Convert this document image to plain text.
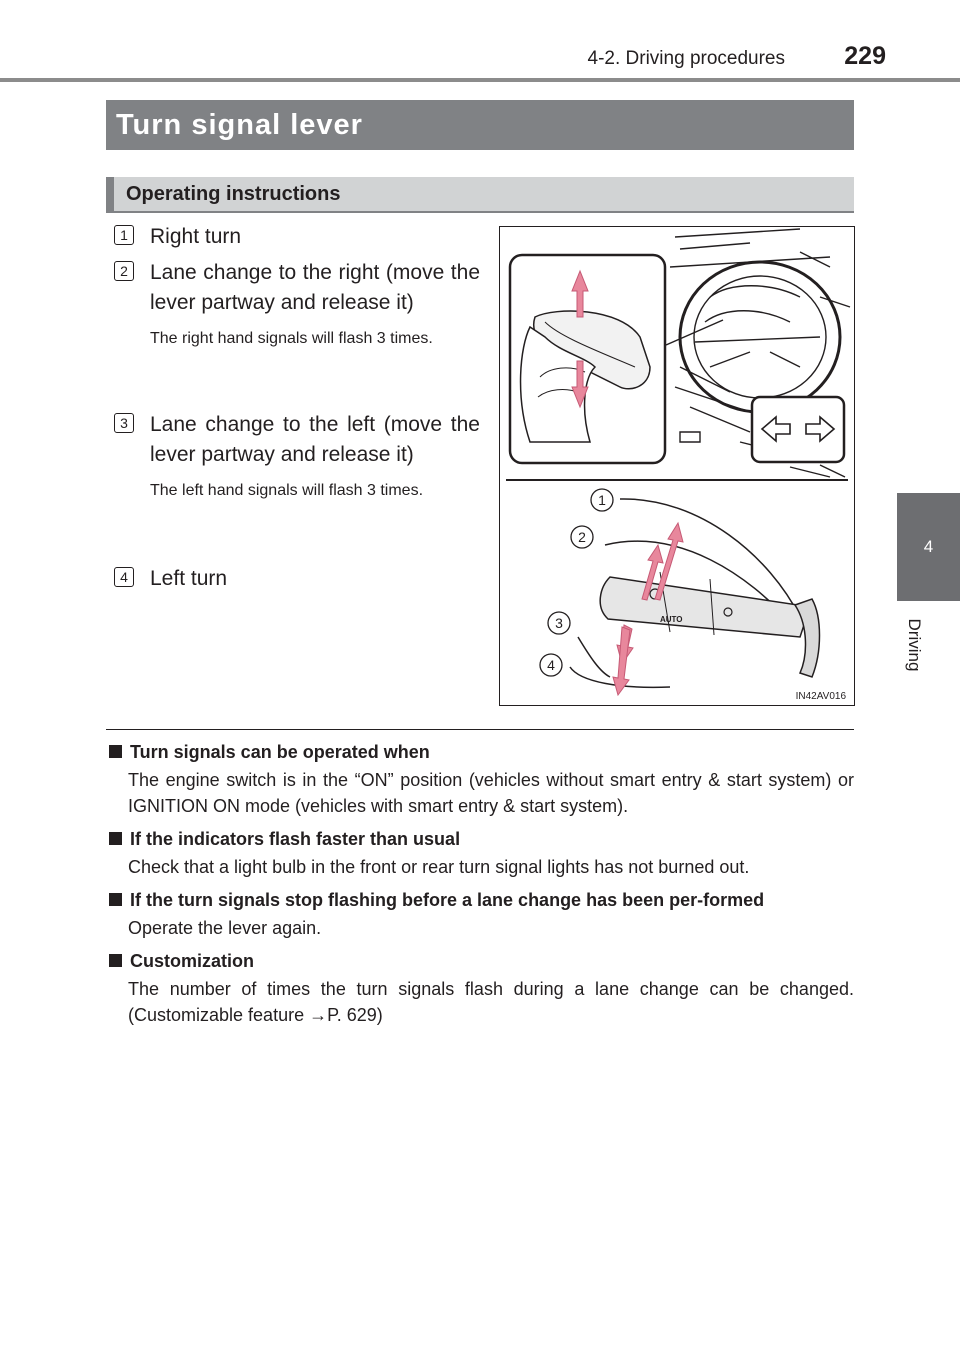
4-2. Driving procedures	229
4
Driving
Turn signal lever
Operating instructions
1 Right turn
2 Lane change to the right (move the lever partway and release it)
The right hand signals will flash 3 times.
3 Lane change to the left (move the lever partway and release it)
The left hand signals will flash 3 times.
4 Left turn
AUTO
1
2
3
4
IN42AV016
Turn signals can be operated when
The engine switch is in the “ON” position (vehicles without smart entry & start system) or IGNITION ON mode (vehicles with smart entry & start system).
If the indicators flash faster than usual
Check that a light bulb in the front or rear turn signal lights has not burned out.
If the turn signals stop flashing before a lane change has been per-formed
Operate the lever again.
Customization
The number of times the turn signals flash during a lane change can be changed. (Customizable feature →P. 629)
